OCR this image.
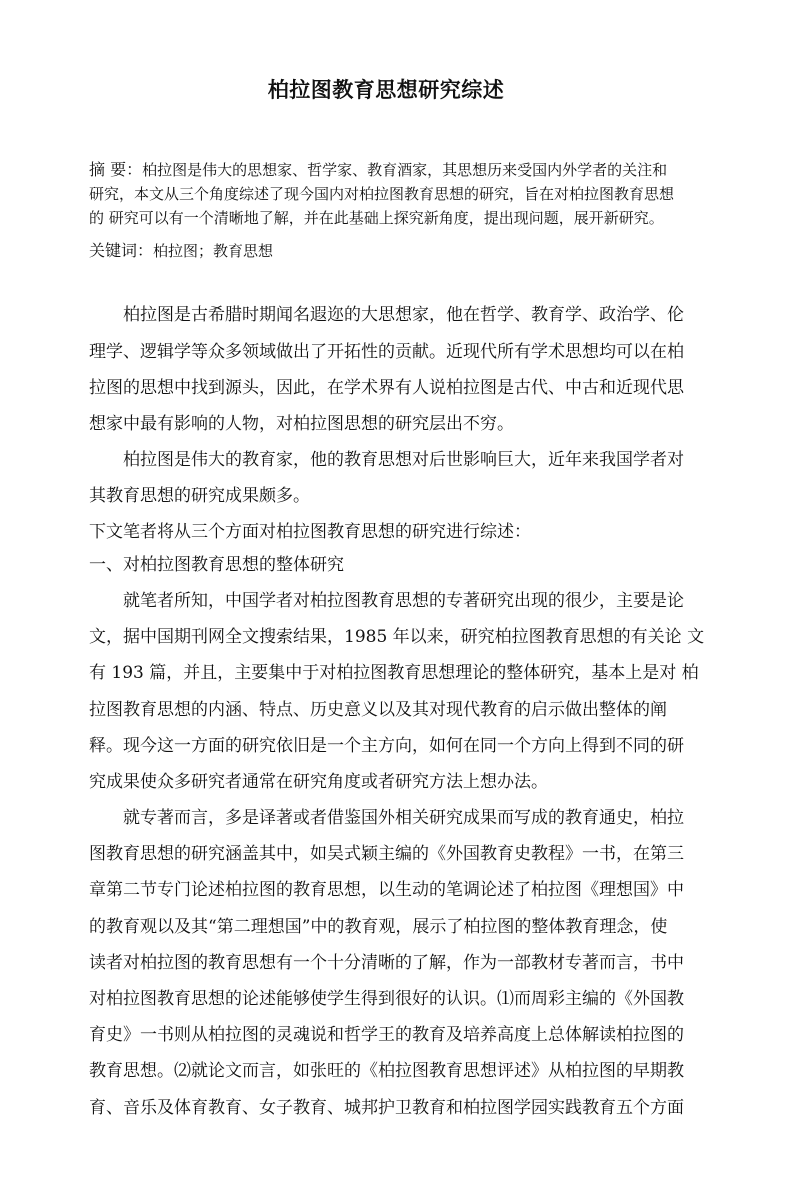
柏拉图教育思想研究综述
摘 要：柏拉图是伟大的思想家、哲学家、教育酒家，其思想历来受国内外学者的关注和
研究，本文从三个角度综述了现今国内对柏拉图教育思想的研究，旨在对柏拉图教育思想
的 研究可以有一个清晰地了解，并在此基础上探究新角度，提出现问题，展开新研究。
关键词：柏拉图；教育思想
柏拉图是古希腊时期闻名遐迩的大思想家，他在哲学、教育学、政治学、伦
理学、逻辑学等众多领域做出了开拓性的贡献。近现代所有学术思想均可以在柏
拉图的思想中找到源头，因此，在学术界有人说柏拉图是古代、中古和近现代思
想家中最有影响的人物，对柏拉图思想的研究层出不穷。
柏拉图是伟大的教育家，他的教育思想对后世影响巨大，近年来我国学者对
其教育思想的研究成果颇多。
下文笔者将从三个方面对柏拉图教育思想的研究进行综述：
一、对柏拉图教育思想的整体研究
就笔者所知，中国学者对柏拉图教育思想的专著研究出现的很少，主要是论
文，据中国期刊网全文搜索结果，1985 年以来，研究柏拉图教育思想的有关论 文
有 193 篇，并且，主要集中于对柏拉图教育思想理论的整体研究，基本上是对 柏
拉图教育思想的内涵、特点、历史意义以及其对现代教育的启示做出整体的阐
释。现今这一方面的研究依旧是一个主方向，如何在同一个方向上得到不同的研
究成果使众多研究者通常在研究角度或者研究方法上想办法。
就专著而言，多是译著或者借鉴国外相关研究成果而写成的教育通史，柏拉
图教育思想的研究涵盖其中，如吴式颖主编的《外国教育史教程》一书，在第三
章第二节专门论述柏拉图的教育思想，以生动的笔调论述了柏拉图《理想国》中
的教育观以及其“第二理想国”中的教育观，展示了柏拉图的整体教育理念，使
读者对柏拉图的教育思想有一个十分清晰的了解，作为一部教材专著而言，书中
对柏拉图教育思想的论述能够使学生得到很好的认识。⑴而周彩主编的《外国教
育史》一书则从柏拉图的灵魂说和哲学王的教育及培养高度上总体解读柏拉图的
教育思想。⑵就论文而言，如张旺的《柏拉图教育思想评述》从柏拉图的早期教
育、音乐及体育教育、女子教育、城邦护卫教育和柏拉图学园实践教育五个方面
